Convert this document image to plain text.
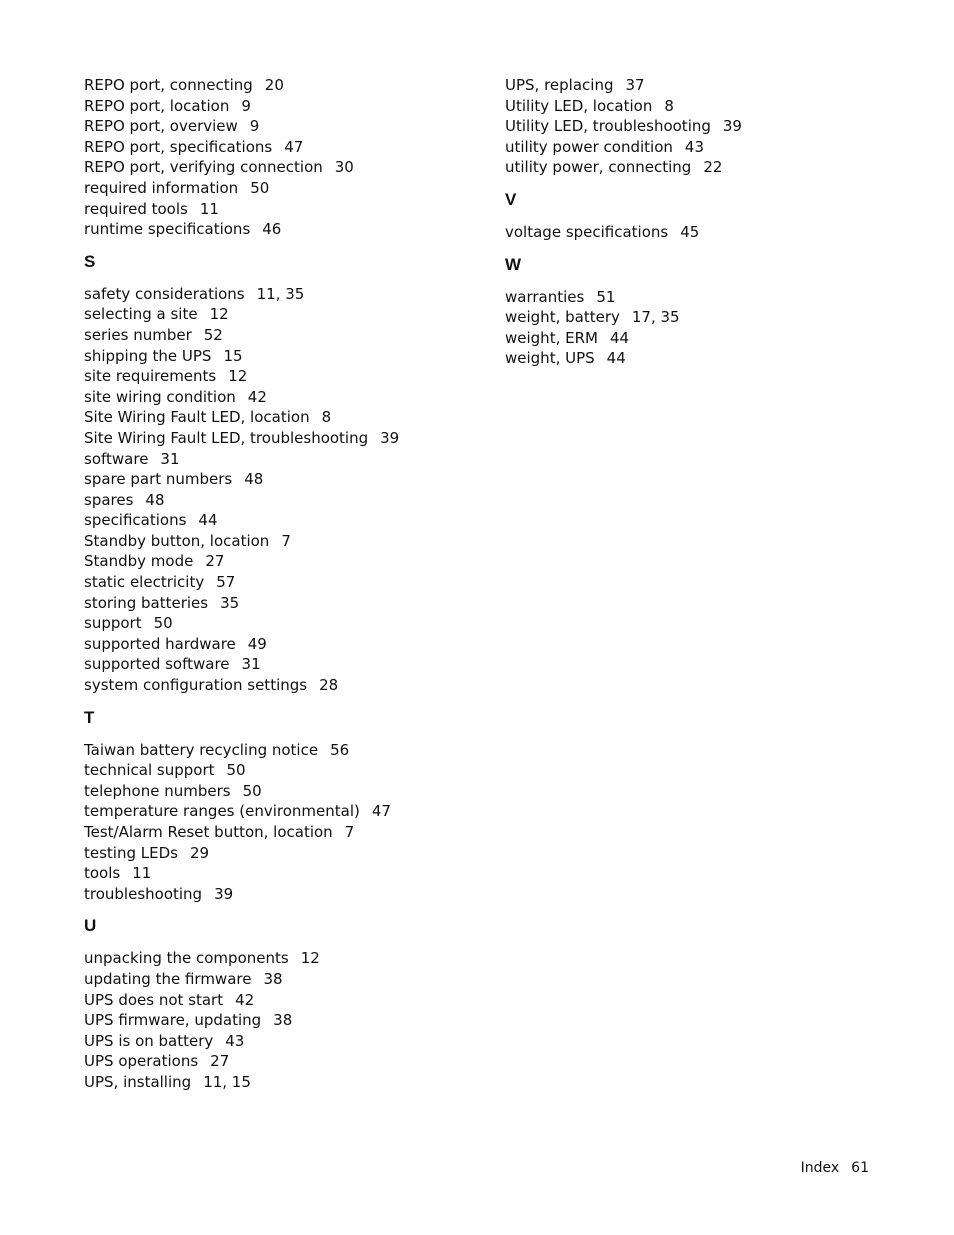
REPO port, connecting 20
REPO port, location 9
REPO port, overview 9
REPO port, specifications 47
REPO port, verifying connection 30
required information 50
required tools 11
runtime specifications 46
S
safety considerations 11, 35
selecting a site 12
series number 52
shipping the UPS 15
site requirements 12
site wiring condition 42
Site Wiring Fault LED, location 8
Site Wiring Fault LED, troubleshooting 39
software 31
spare part numbers 48
spares 48
specifications 44
Standby button, location 7
Standby mode 27
static electricity 57
storing batteries 35
support 50
supported hardware 49
supported software 31
system configuration settings 28
T
Taiwan battery recycling notice 56
technical support 50
telephone numbers 50
temperature ranges (environmental) 47
Test/Alarm Reset button, location 7
testing LEDs 29
tools 11
troubleshooting 39
U
unpacking the components 12
updating the firmware 38
UPS does not start 42
UPS firmware, updating 38
UPS is on battery 43
UPS operations 27
UPS, installing 11, 15
UPS, replacing 37
Utility LED, location 8
Utility LED, troubleshooting 39
utility power condition 43
utility power, connecting 22
V
voltage specifications 45
W
warranties 51
weight, battery 17, 35
weight, ERM 44
weight, UPS 44
Index 61
